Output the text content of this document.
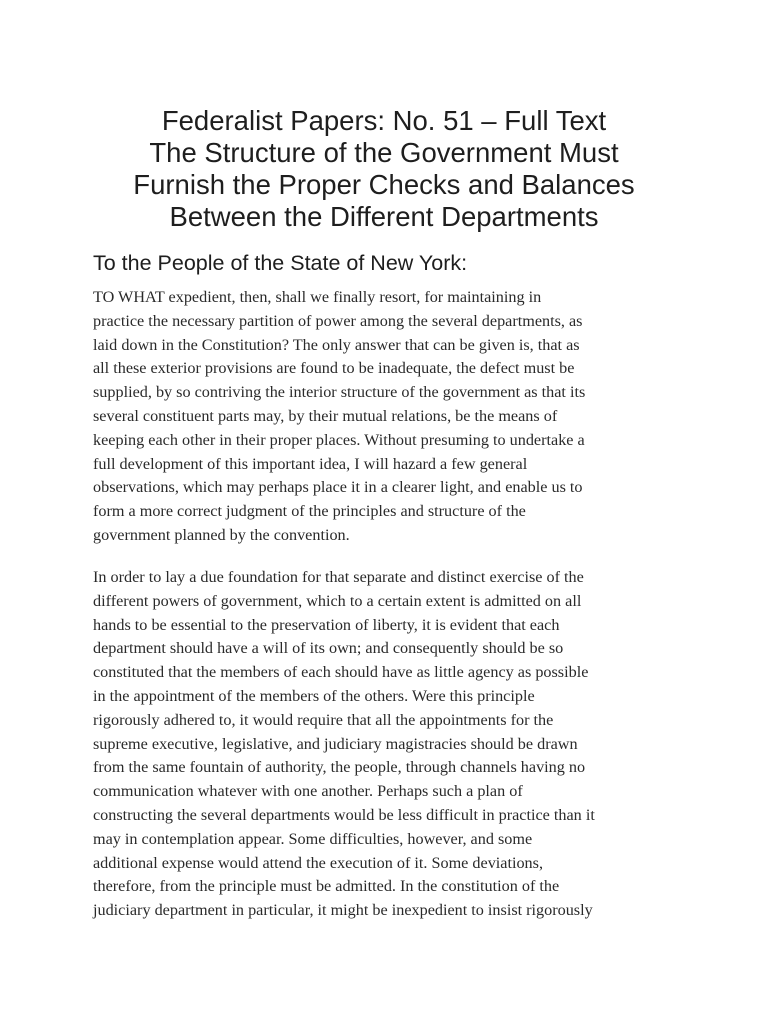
Federalist Papers: No. 51 – Full Text
The Structure of the Government Must
Furnish the Proper Checks and Balances
Between the Different Departments
To the People of the State of New York:
TO WHAT expedient, then, shall we finally resort, for maintaining in
practice the necessary partition of power among the several departments, as
laid down in the Constitution? The only answer that can be given is, that as
all these exterior provisions are found to be inadequate, the defect must be
supplied, by so contriving the interior structure of the government as that its
several constituent parts may, by their mutual relations, be the means of
keeping each other in their proper places. Without presuming to undertake a
full development of this important idea, I will hazard a few general
observations, which may perhaps place it in a clearer light, and enable us to
form a more correct judgment of the principles and structure of the
government planned by the convention.
In order to lay a due foundation for that separate and distinct exercise of the
different powers of government, which to a certain extent is admitted on all
hands to be essential to the preservation of liberty, it is evident that each
department should have a will of its own; and consequently should be so
constituted that the members of each should have as little agency as possible
in the appointment of the members of the others. Were this principle
rigorously adhered to, it would require that all the appointments for the
supreme executive, legislative, and judiciary magistracies should be drawn
from the same fountain of authority, the people, through channels having no
communication whatever with one another. Perhaps such a plan of
constructing the several departments would be less difficult in practice than it
may in contemplation appear. Some difficulties, however, and some
additional expense would attend the execution of it. Some deviations,
therefore, from the principle must be admitted. In the constitution of the
judiciary department in particular, it might be inexpedient to insist rigorously
